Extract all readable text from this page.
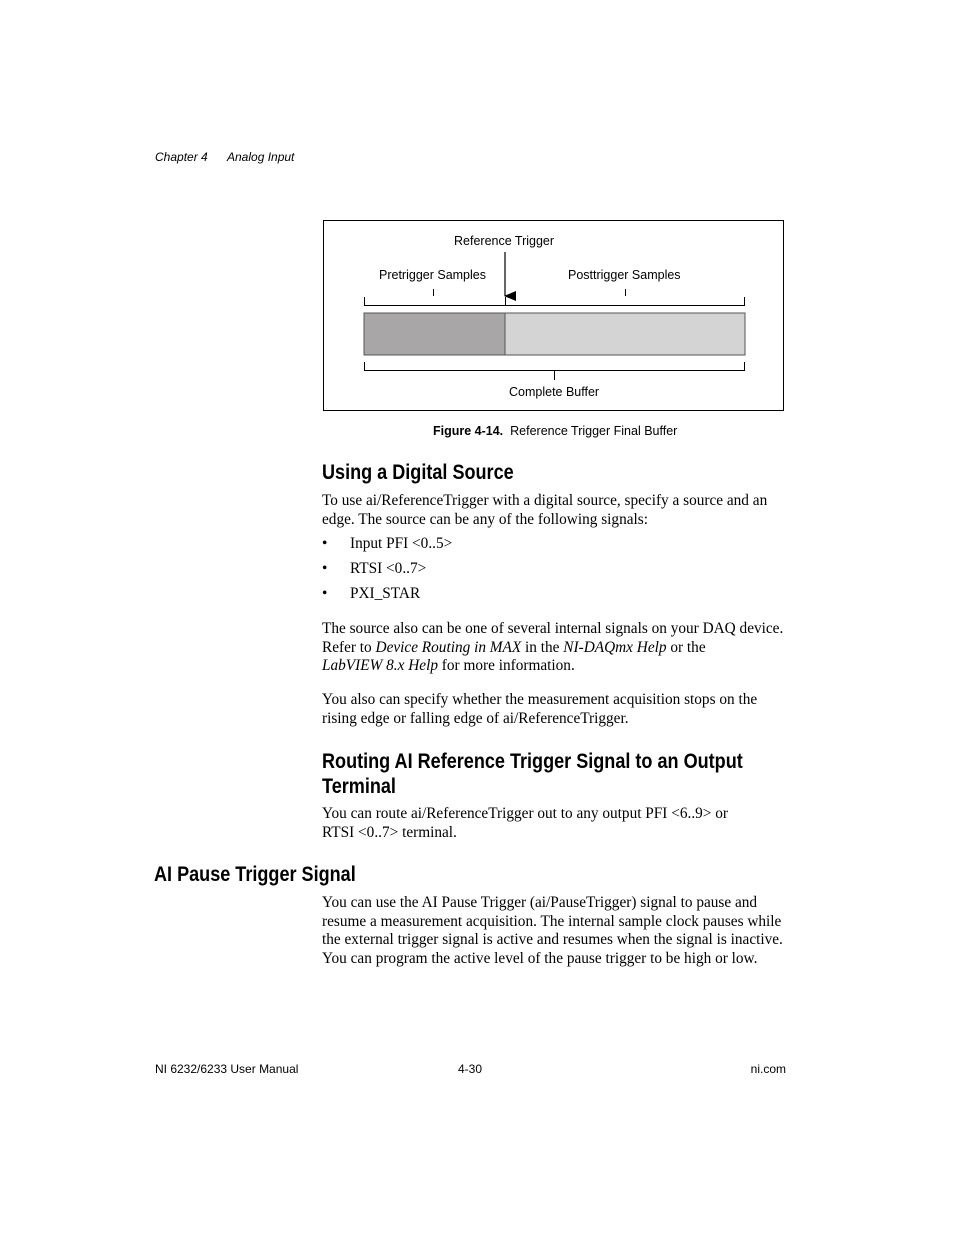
Chapter 4 Analog Input
Reference Trigger
Pretrigger Samples	Posttrigger Samples
Complete Buffer
Figure 4-14. Reference Trigger Final Buffer
Using a Digital Source
To use ai/ReferenceTrigger with a digital source, specify a source and an
edge. The source can be any of the following signals:
• Input PFI <0..5>
• RTSI <0..7>
• PXI_STAR
The source also can be one of several internal signals on your DAQ device.
Refer to Device Routing in MAX in the NI-DAQmx Help or the
LabVIEW 8.x Help for more information.
You also can specify whether the measurement acquisition stops on the
rising edge or falling edge of ai/ReferenceTrigger.
Routing AI Reference Trigger Signal to an Output
Terminal
You can route ai/ReferenceTrigger out to any output PFI <6..9> or
RTSI <0..7> terminal.
AI Pause Trigger Signal
You can use the AI Pause Trigger (ai/PauseTrigger) signal to pause and
resume a measurement acquisition. The internal sample clock pauses while
the external trigger signal is active and resumes when the signal is inactive.
You can program the active level of the pause trigger to be high or low.
NI 6232/6233 User Manual	4-30	ni.com
